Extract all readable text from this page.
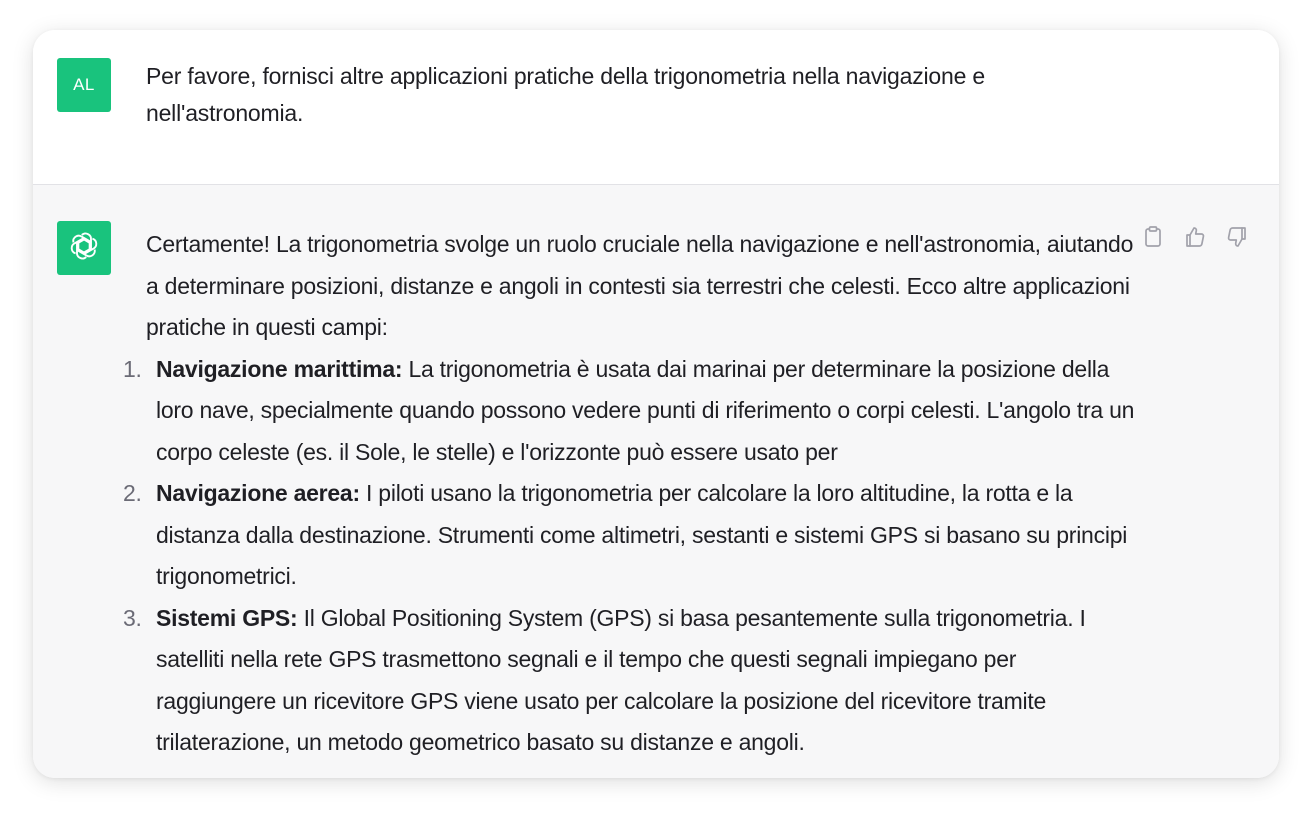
AL Per favore, fornisci altre applicazioni pratiche della trigonometria nella navigazione e nell'astronomia.

Certamente! La trigonometria svolge un ruolo cruciale nella navigazione e nell'astronomia, aiutando a determinare posizioni, distanze e angoli in contesti sia terrestri che celesti. Ecco altre applicazioni pratiche in questi campi:

1. Navigazione marittima: La trigonometria è usata dai marinai per determinare la posizione della loro nave, specialmente quando possono vedere punti di riferimento o corpi celesti. L'angolo tra un corpo celeste (es. il Sole, le stelle) e l'orizzonte può essere usato per
2. Navigazione aerea: I piloti usano la trigonometria per calcolare la loro altitudine, la rotta e la distanza dalla destinazione. Strumenti come altimetri, sestanti e sistemi GPS si basano su principi trigonometrici.
3. Sistemi GPS: Il Global Positioning System (GPS) si basa pesantemente sulla trigonometria. I satelliti nella rete GPS trasmettono segnali e il tempo che questi segnali impiegano per raggiungere un ricevitore GPS viene usato per calcolare la posizione del ricevitore tramite trilaterazione, un metodo geometrico basato su distanze e angoli.
